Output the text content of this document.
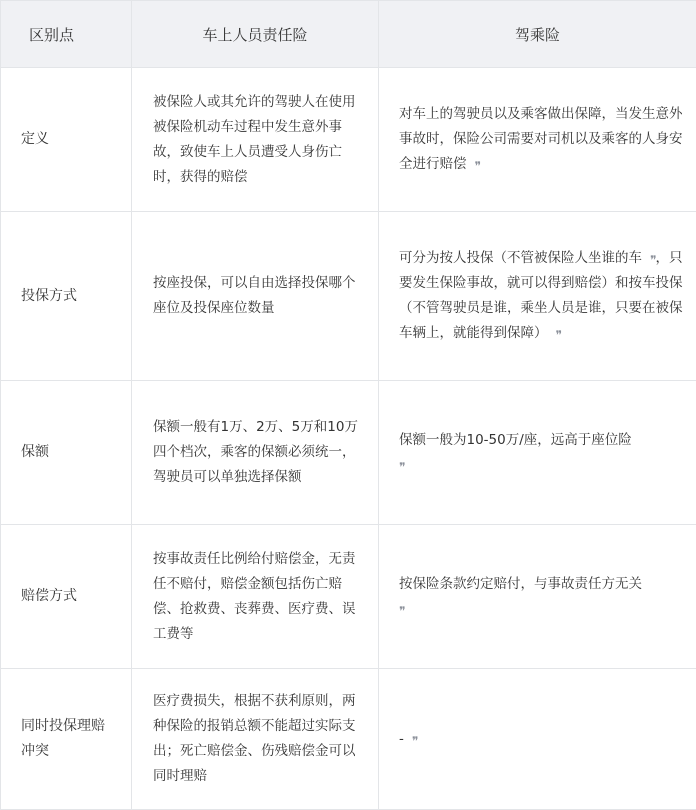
区别点	车上人员责任险	驾乘险
定义	被保险人或其允许的驾驶人在使用被保险机动车过程中发生意外事故，致使车上人员遭受人身伤亡时，获得的赔偿	对车上的驾驶员以及乘客做出保障，当发生意外事故时，保险公司需要对司机以及乘客的人身安全进行赔偿 ❞
投保方式	按座投保，可以自由选择投保哪个座位及投保座位数量	可分为按人投保（不管被保险人坐谁的车 ❞，只要发生保险事故，就可以得到赔偿）和按车投保（不管驾驶员是谁，乘坐人员是谁，只要在被保车辆上，就能得到保障） ❞
保额	保额一般有1万、2万、5万和10万四个档次，乘客的保额必须统一，驾驶员可以单独选择保额	保额一般为10-50万/座，远高于座位险
❞
赔偿方式	按事故责任比例给付赔偿金，无责任不赔付，赔偿金额包括伤亡赔偿、抢救费、丧葬费、医疗费、误工费等	按保险条款约定赔付，与事故责任方无关
❞
同时投保理赔冲突	医疗费损失，根据不获利原则，两种保险的报销总额不能超过实际支出；死亡赔偿金、伤残赔偿金可以同时理赔	- ❞
